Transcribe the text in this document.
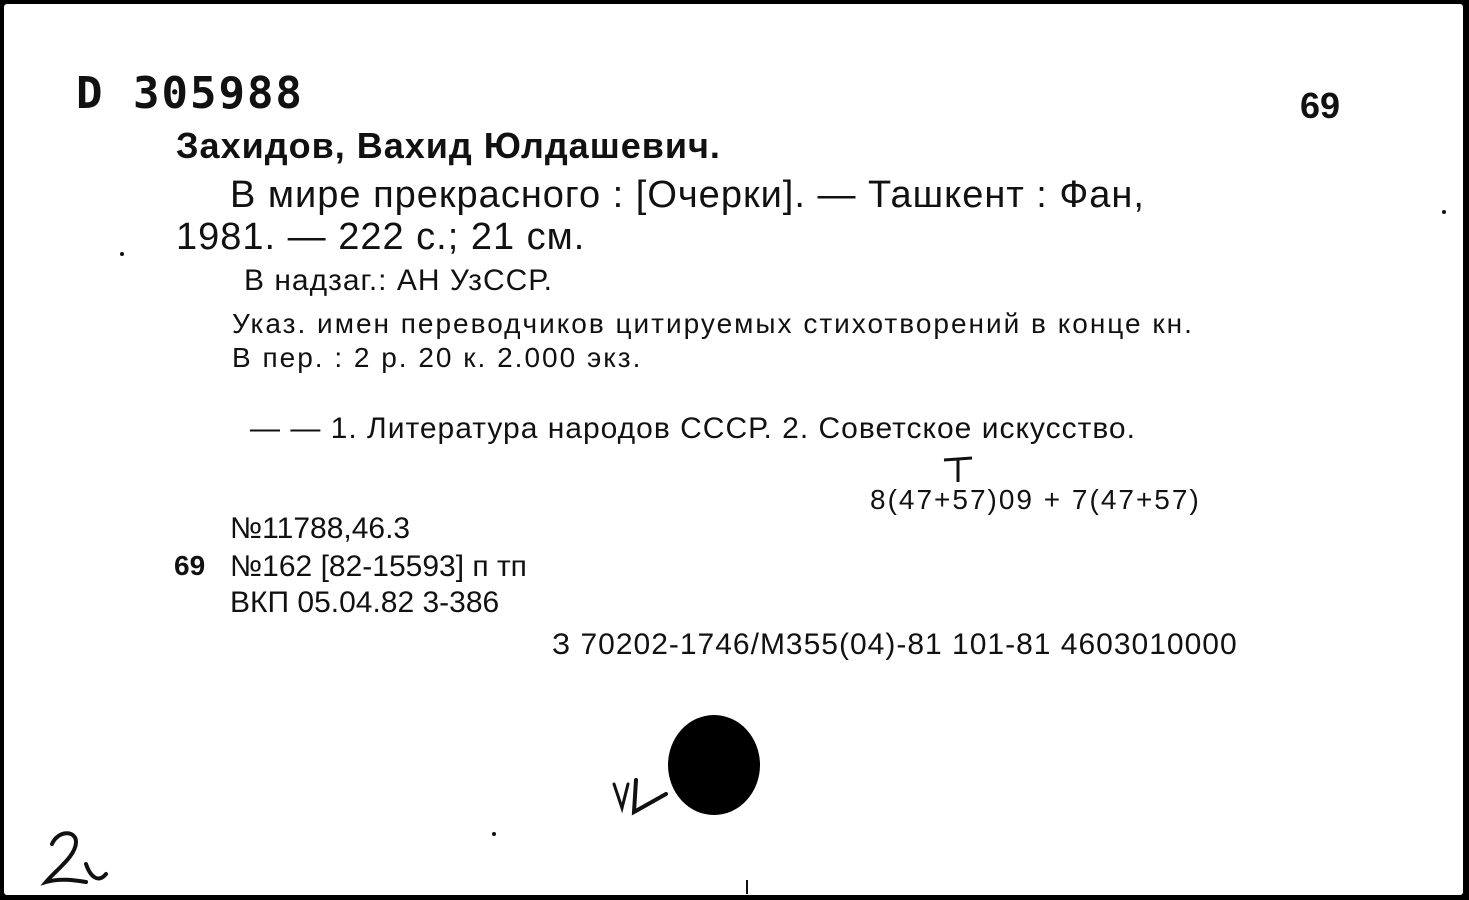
D 305988	69
Захидов, Вахид Юлдашевич.
В мире прекрасного : [Очерки]. — Ташкент : Фан,
1981. — 222 с.; 21 см.
В надзаг.: АН УзССР.
Указ. имен переводчиков цитируемых стихотворений в конце кн.
В пер. : 2 р. 20 к. 2.000 экз.
— — 1. Литература народов СССР. 2. Советское искусство.
8(47+57)09 + 7(47+57)
№11788,46.3
69 №162 [82-15593] п тп
ВКП 05.04.82 3-386
З 70202-1746/М355(04)-81 101-81 4603010000
